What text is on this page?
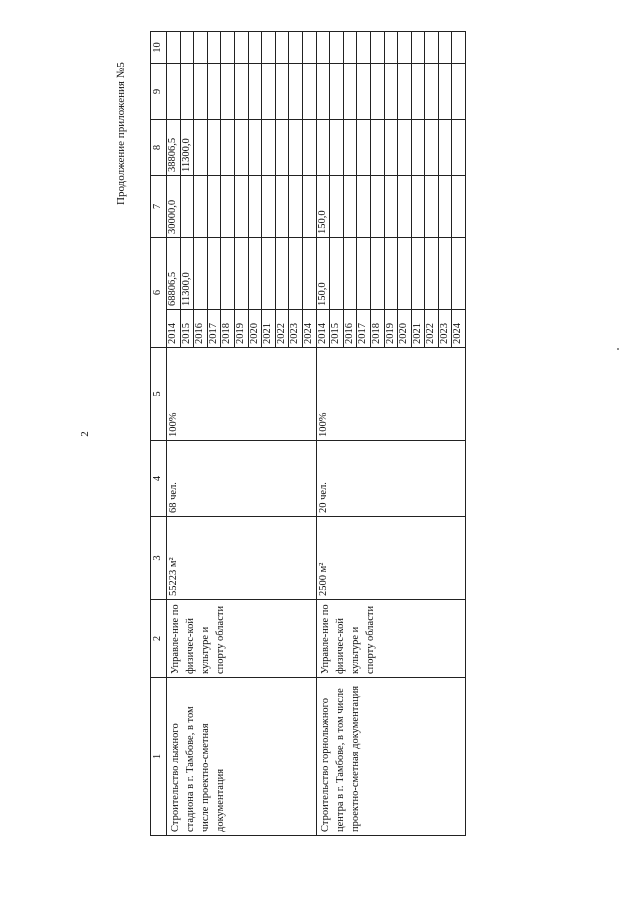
2
Продолжение приложения №5
1	2	3	4	5	6		7	8	9	10
Строительство лыжного стадиона в г. Тамбове, в том числе проектно-сметная документация	Управле-ние по физичес-кой культуре и спорту области	55223 м²	68 чел.	100%	2014	68806,5	30000,0	38806,5		
					2015	11300,0		11300,0		
					2016					
					2017					
					2018					
					2019					
					2020					
					2021					
					2022					
					2023					
					2024					
Строительство горнолыжного центра в г. Тамбове, в том числе проектно-сметная документация	Управле-ние по физичес-кой культуре и спорту области	2500 м²	20 чел.	100%	2014	150,0	150,0			
					2015					
					2016					
					2017					
					2018					
					2019					
					2020					
					2021					
					2022					
					2023					
					2024					
